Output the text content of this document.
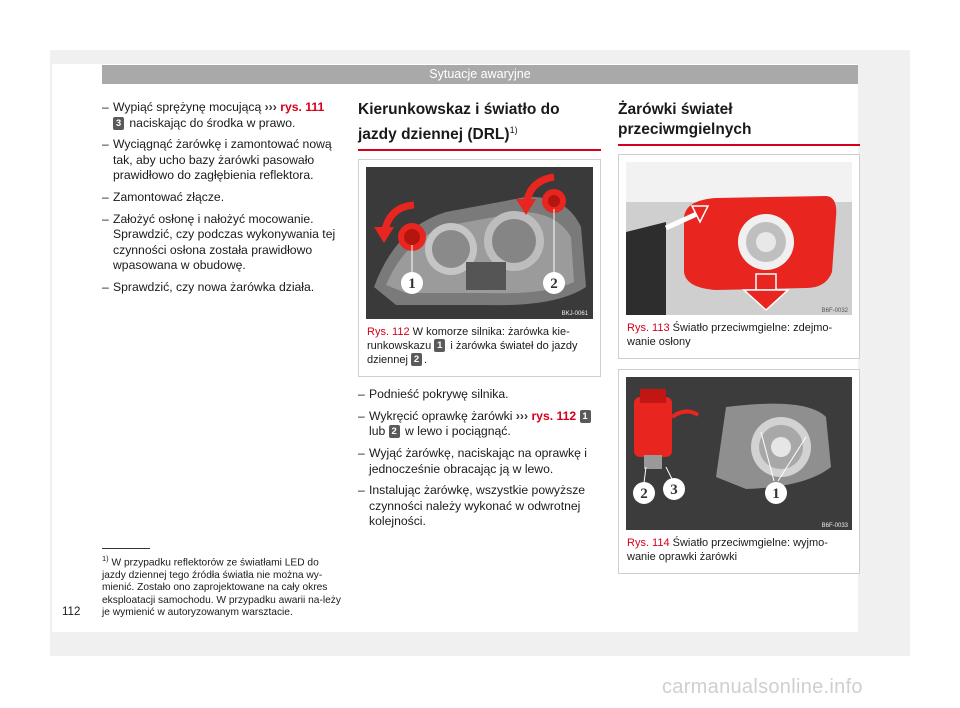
Sytuacje awaryjne
– Wypiąć sprężynę mocującą ››› rys. 111
3 naciskając do środka w prawo.
– Wyciągnąć żarówkę i zamontować nową tak, aby ucho bazy żarówki pasowało prawidłowo do zagłębienia reflektora.
– Zamontować złącze.
– Założyć osłonę i nałożyć mocowanie. Sprawdzić, czy podczas wykonywania tej czynności osłona została prawidłowo wpasowana w obudowę.
– Sprawdzić, czy nowa żarówka działa.
Kierunkowskaz i światło do jazdy dziennej (DRL)$^{1)}$
1	2
BKJ-0061
Rys. 112 W komorze silnika: żarówka kie-runkowskazu 1 i żarówka świateł do jazdy dziennej 2 .
– Podnieść pokrywę silnika.
– Wykręcić oprawkę żarówki ››› rys. 112 1
lub 2 w lewo i pociągnąć.
– Wyjąć żarówkę, naciskając na oprawkę i jednocześnie obracając ją w lewo.
– Instalując żarówkę, wszystkie powyższe czynności należy wykonać w odwrotnej kolejności.
Żarówki świateł przeciwmgielnych
B6F-0032
Rys. 113 Światło przeciwmgielne: zdejmo-wanie osłony
2 3	1
B6F-0033
Rys. 114 Światło przeciwmgielne: wyjmo-wanie oprawki żarówki
$^{1)}$ W przypadku reflektorów ze światłami LED do jazdy dziennej tego źródła światła nie można wy-mienić. Zostało ono zaprojektowane na cały okres eksploatacji samochodu. W przypadku awarii na-leży je wymienić w autoryzowanym warsztacie.
112
carmanualsonline.info
